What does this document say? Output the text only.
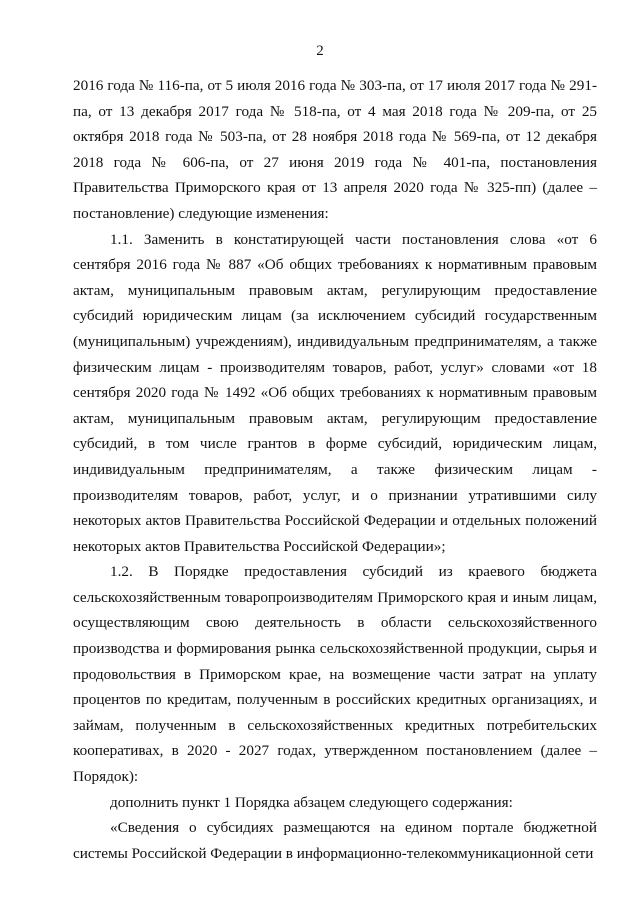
2

2016 года № 116-па, от 5 июля 2016 года № 303-па, от 17 июля 2017 года № 291-па, от 13 декабря 2017 года № 518-па, от 4 мая 2018 года № 209-па, от 25 октября 2018 года № 503-па, от 28 ноября 2018 года № 569-па, от 12 декабря 2018 года № 606-па, от 27 июня 2019 года № 401-па, постановления Правительства Приморского края от 13 апреля 2020 года № 325-пп) (далее – постановление) следующие изменения:

1.1. Заменить в констатирующей части постановления слова «от 6 сентября 2016 года № 887 «Об общих требованиях к нормативным правовым актам, муниципальным правовым актам, регулирующим предоставление субсидий юридическим лицам (за исключением субсидий государственным (муниципальным) учреждениям), индивидуальным предпринимателям, а также физическим лицам - производителям товаров, работ, услуг» словами «от 18 сентября 2020 года № 1492 «Об общих требованиях к нормативным правовым актам, муниципальным правовым актам, регулирующим предоставление субсидий, в том числе грантов в форме субсидий, юридическим лицам, индивидуальным предпринимателям, а также физическим лицам - производителям товаров, работ, услуг, и о признании утратившими силу некоторых актов Правительства Российской Федерации и отдельных положений некоторых актов Правительства Российской Федерации»;

1.2. В Порядке предоставления субсидий из краевого бюджета сельскохозяйственным товаропроизводителям Приморского края и иным лицам, осуществляющим свою деятельность в области сельскохозяйственного производства и формирования рынка сельскохозяйственной продукции, сырья и продовольствия в Приморском крае, на возмещение части затрат на уплату процентов по кредитам, полученным в российских кредитных организациях, и займам, полученным в сельскохозяйственных кредитных потребительских кооперативах, в 2020 - 2027 годах, утвержденном постановлением (далее – Порядок):

дополнить пункт 1 Порядка абзацем следующего содержания:

«Сведения о субсидиях размещаются на едином портале бюджетной системы Российской Федерации в информационно-телекоммуникационной сети
